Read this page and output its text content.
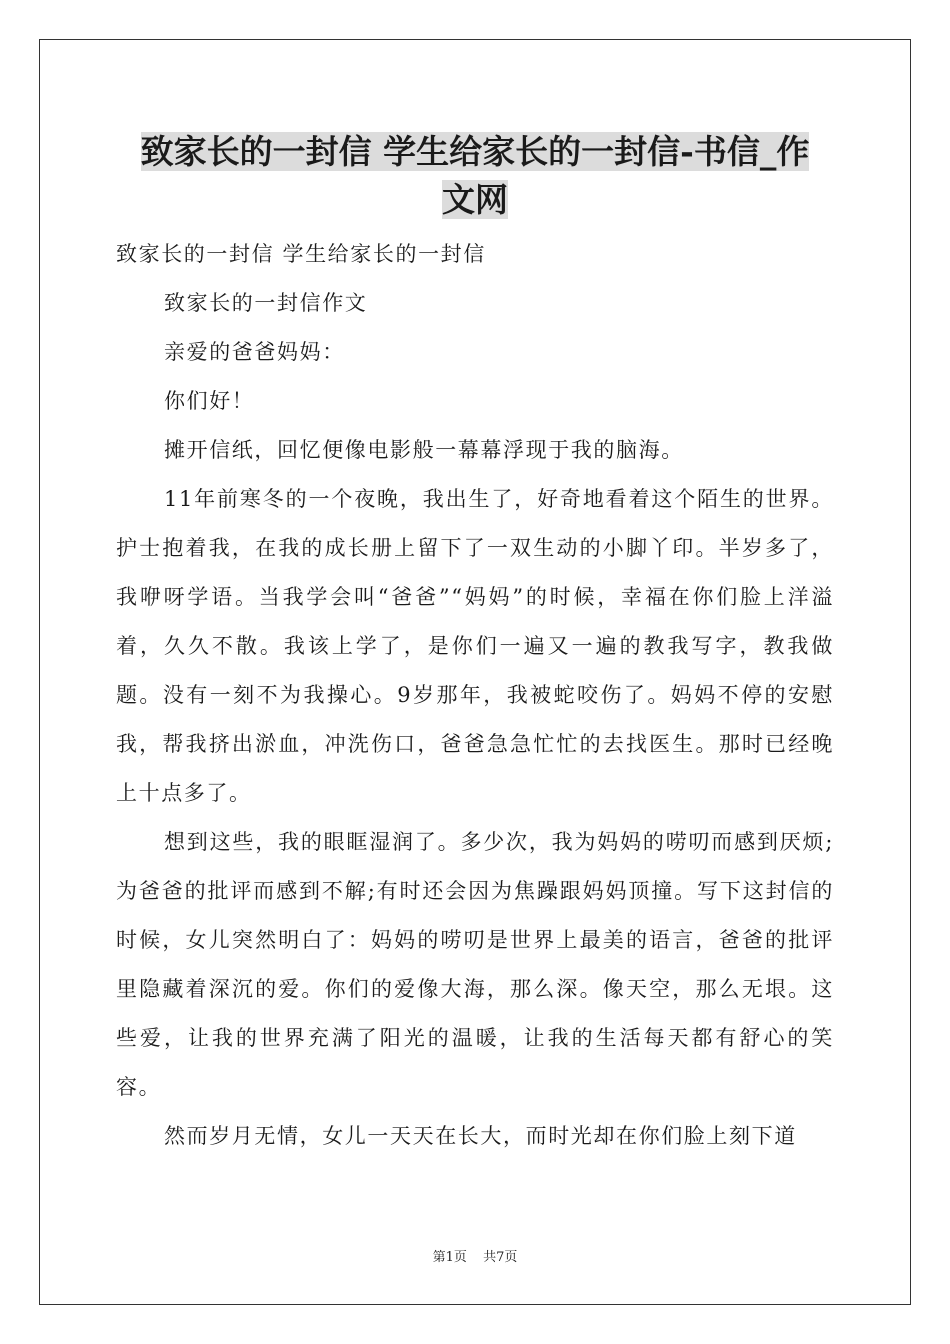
致家长的一封信 学生给家长的一封信-书信_作
文网

致家长的一封信 学生给家长的一封信

致家长的一封信作文

亲爱的爸爸妈妈：

你们好！

摊开信纸，回忆便像电影般一幕幕浮现于我的脑海。

11年前寒冬的一个夜晚，我出生了，好奇地看着这个陌生的世界。护士抱着我，在我的成长册上留下了一双生动的小脚丫印。半岁多了，我咿呀学语。当我学会叫“爸爸”“妈妈”的时候，幸福在你们脸上洋溢着，久久不散。我该上学了，是你们一遍又一遍的教我写字，教我做题。没有一刻不为我操心。9岁那年，我被蛇咬伤了。妈妈不停的安慰我，帮我挤出淤血，冲洗伤口，爸爸急急忙忙的去找医生。那时已经晚上十点多了。

想到这些，我的眼眶湿润了。多少次，我为妈妈的唠叨而感到厌烦;为爸爸的批评而感到不解;有时还会因为焦躁跟妈妈顶撞。写下这封信的时候，女儿突然明白了：妈妈的唠叨是世界上最美的语言，爸爸的批评里隐藏着深沉的爱。你们的爱像大海，那么深。像天空，那么无垠。这些爱，让我的世界充满了阳光的温暖，让我的生活每天都有舒心的笑容。

然而岁月无情，女儿一天天在长大，而时光却在你们脸上刻下道

第1页 共7页
